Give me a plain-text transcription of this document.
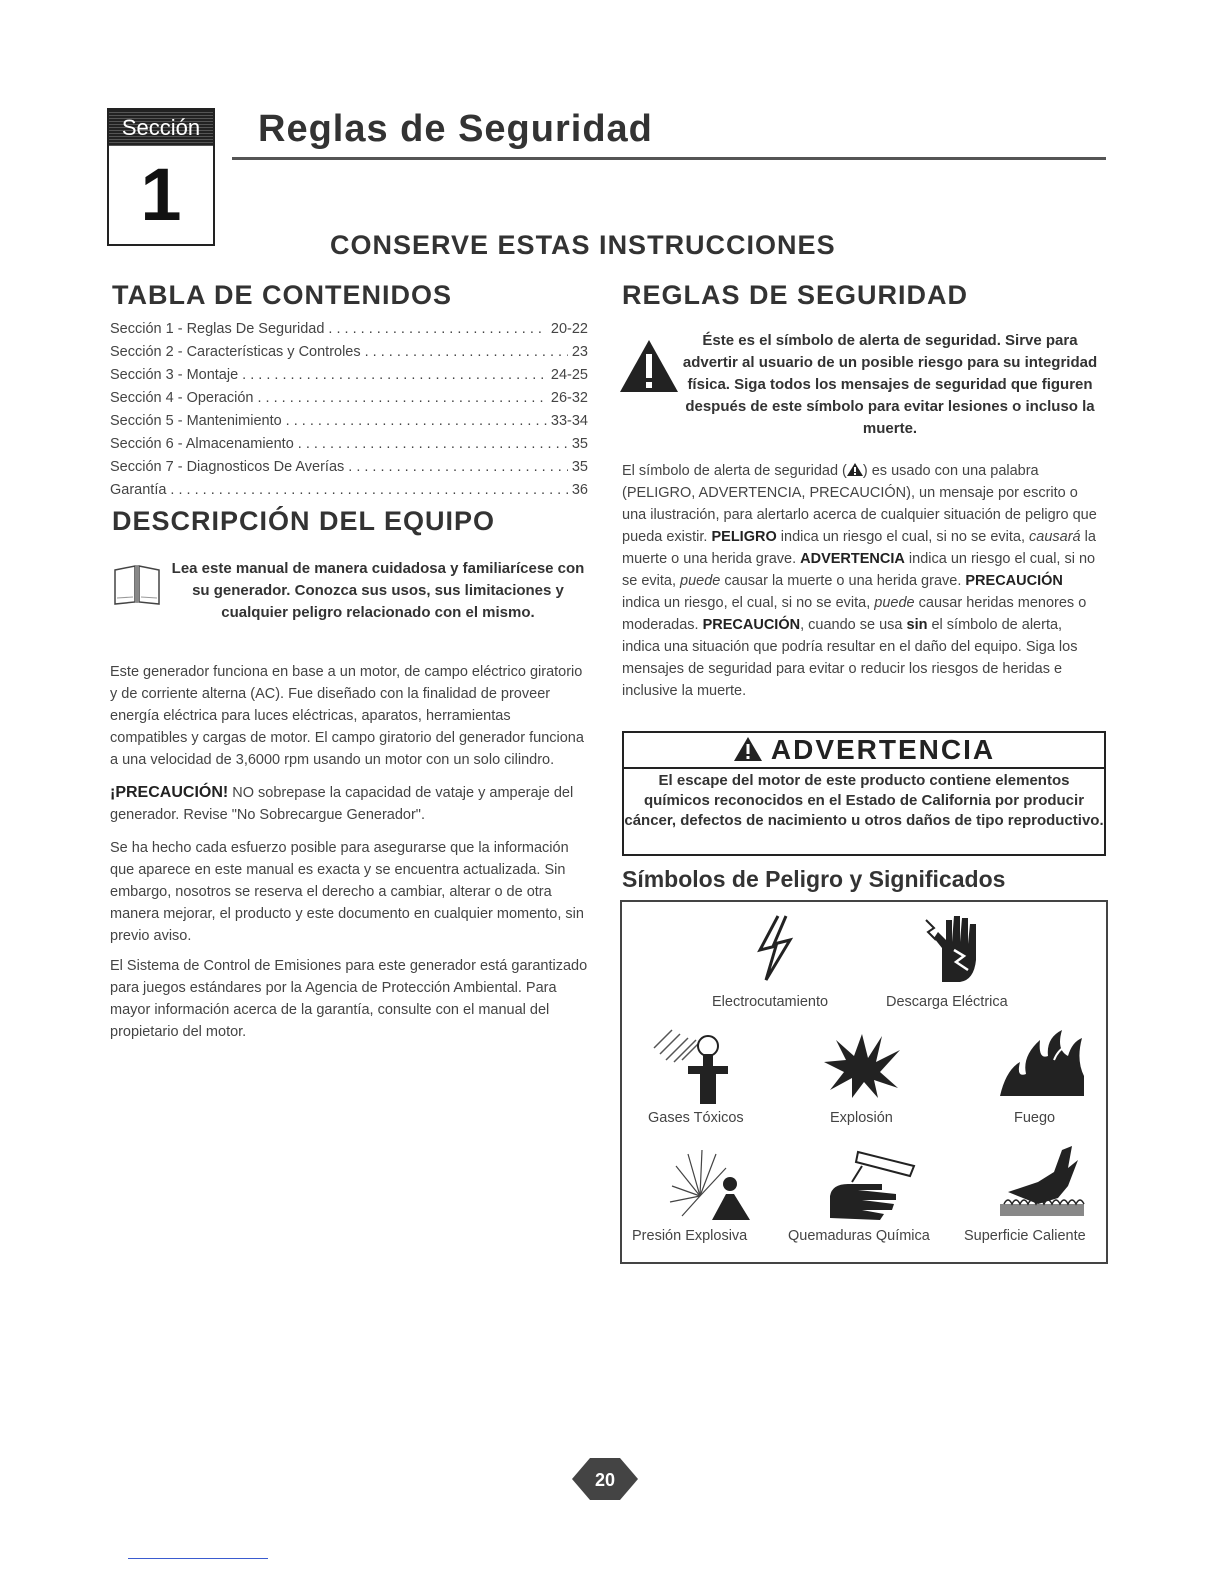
Sección
1
Reglas de Seguridad
CONSERVE ESTAS INSTRUCCIONES
TABLA DE CONTENIDOS
Sección 1 - Reglas De Seguridad . . .	20-22
Sección 2 - Características y Controles . . .	23
Sección 3 - Montaje . . .	24-25
Sección 4 - Operación . . .	26-32
Sección 5 - Mantenimiento . . .	33-34
Sección 6 - Almacenamiento . . .	35
Sección 7 - Diagnosticos De Averías . . .	35
Garantía . . .	36
DESCRIPCIÓN DEL EQUIPO
Lea este manual de manera cuidadosa y familiarícese con su generador. Conozca sus usos, sus limitaciones y cualquier peligro relacionado con el mismo.

Este generador funciona en base a un motor, de campo eléctrico giratorio y de corriente alterna (AC). Fue diseñado con la finalidad de proveer energía eléctrica para luces eléctricas, aparatos, herramientas compatibles y cargas de motor. El campo giratorio del generador funciona a una velocidad de 3,6000 rpm usando un motor con un solo cilindro.

¡PRECAUCIÓN! NO sobrepase la capacidad de vataje y amperaje del generador. Revise "No Sobrecargue Generador".

Se ha hecho cada esfuerzo posible para asegurarse que la información que aparece en este manual es exacta y se encuentra actualizada. Sin embargo, nosotros se reserva el derecho a cambiar, alterar o de otra manera mejorar, el producto y este documento en cualquier momento, sin previo aviso.

El Sistema de Control de Emisiones para este generador está garantizado para juegos estándares por la Agencia de Protección Ambiental. Para mayor información acerca de la garantía, consulte con el manual del propietario del motor.

REGLAS DE SEGURIDAD
Éste es el símbolo de alerta de seguridad. Sirve para advertir al usuario de un posible riesgo para su integridad física. Siga todos los mensajes de seguridad que figuren después de este símbolo para evitar lesiones o incluso la muerte.

El símbolo de alerta de seguridad ( ) es usado con una palabra (PELIGRO, ADVERTENCIA, PRECAUCIÓN), un mensaje por escrito o una ilustración, para alertarlo acerca de cualquier situación de peligro que pueda existir. PELIGRO indica un riesgo el cual, si no se evita, causará la muerte o una herida grave. ADVERTENCIA indica un riesgo el cual, si no se evita, puede causar la muerte o una herida grave. PRECAUCIÓN indica un riesgo, el cual, si no se evita, puede causar heridas menores o moderadas. PRECAUCIÓN, cuando se usa sin el símbolo de alerta, indica una situación que podría resultar en el daño del equipo. Siga los mensajes de seguridad para evitar o reducir los riesgos de heridas e inclusive la muerte.

ADVERTENCIA
El escape del motor de este producto contiene elementos químicos reconocidos en el Estado de California por producir cáncer, defectos de nacimiento u otros daños de tipo reproductivo.
Símbolos de Peligro y Significados
Electrocutamiento	Descarga Eléctrica
Gases Tóxicos	Explosión	Fuego
Presión Explosiva	Quemaduras Química Superficie Caliente
20
